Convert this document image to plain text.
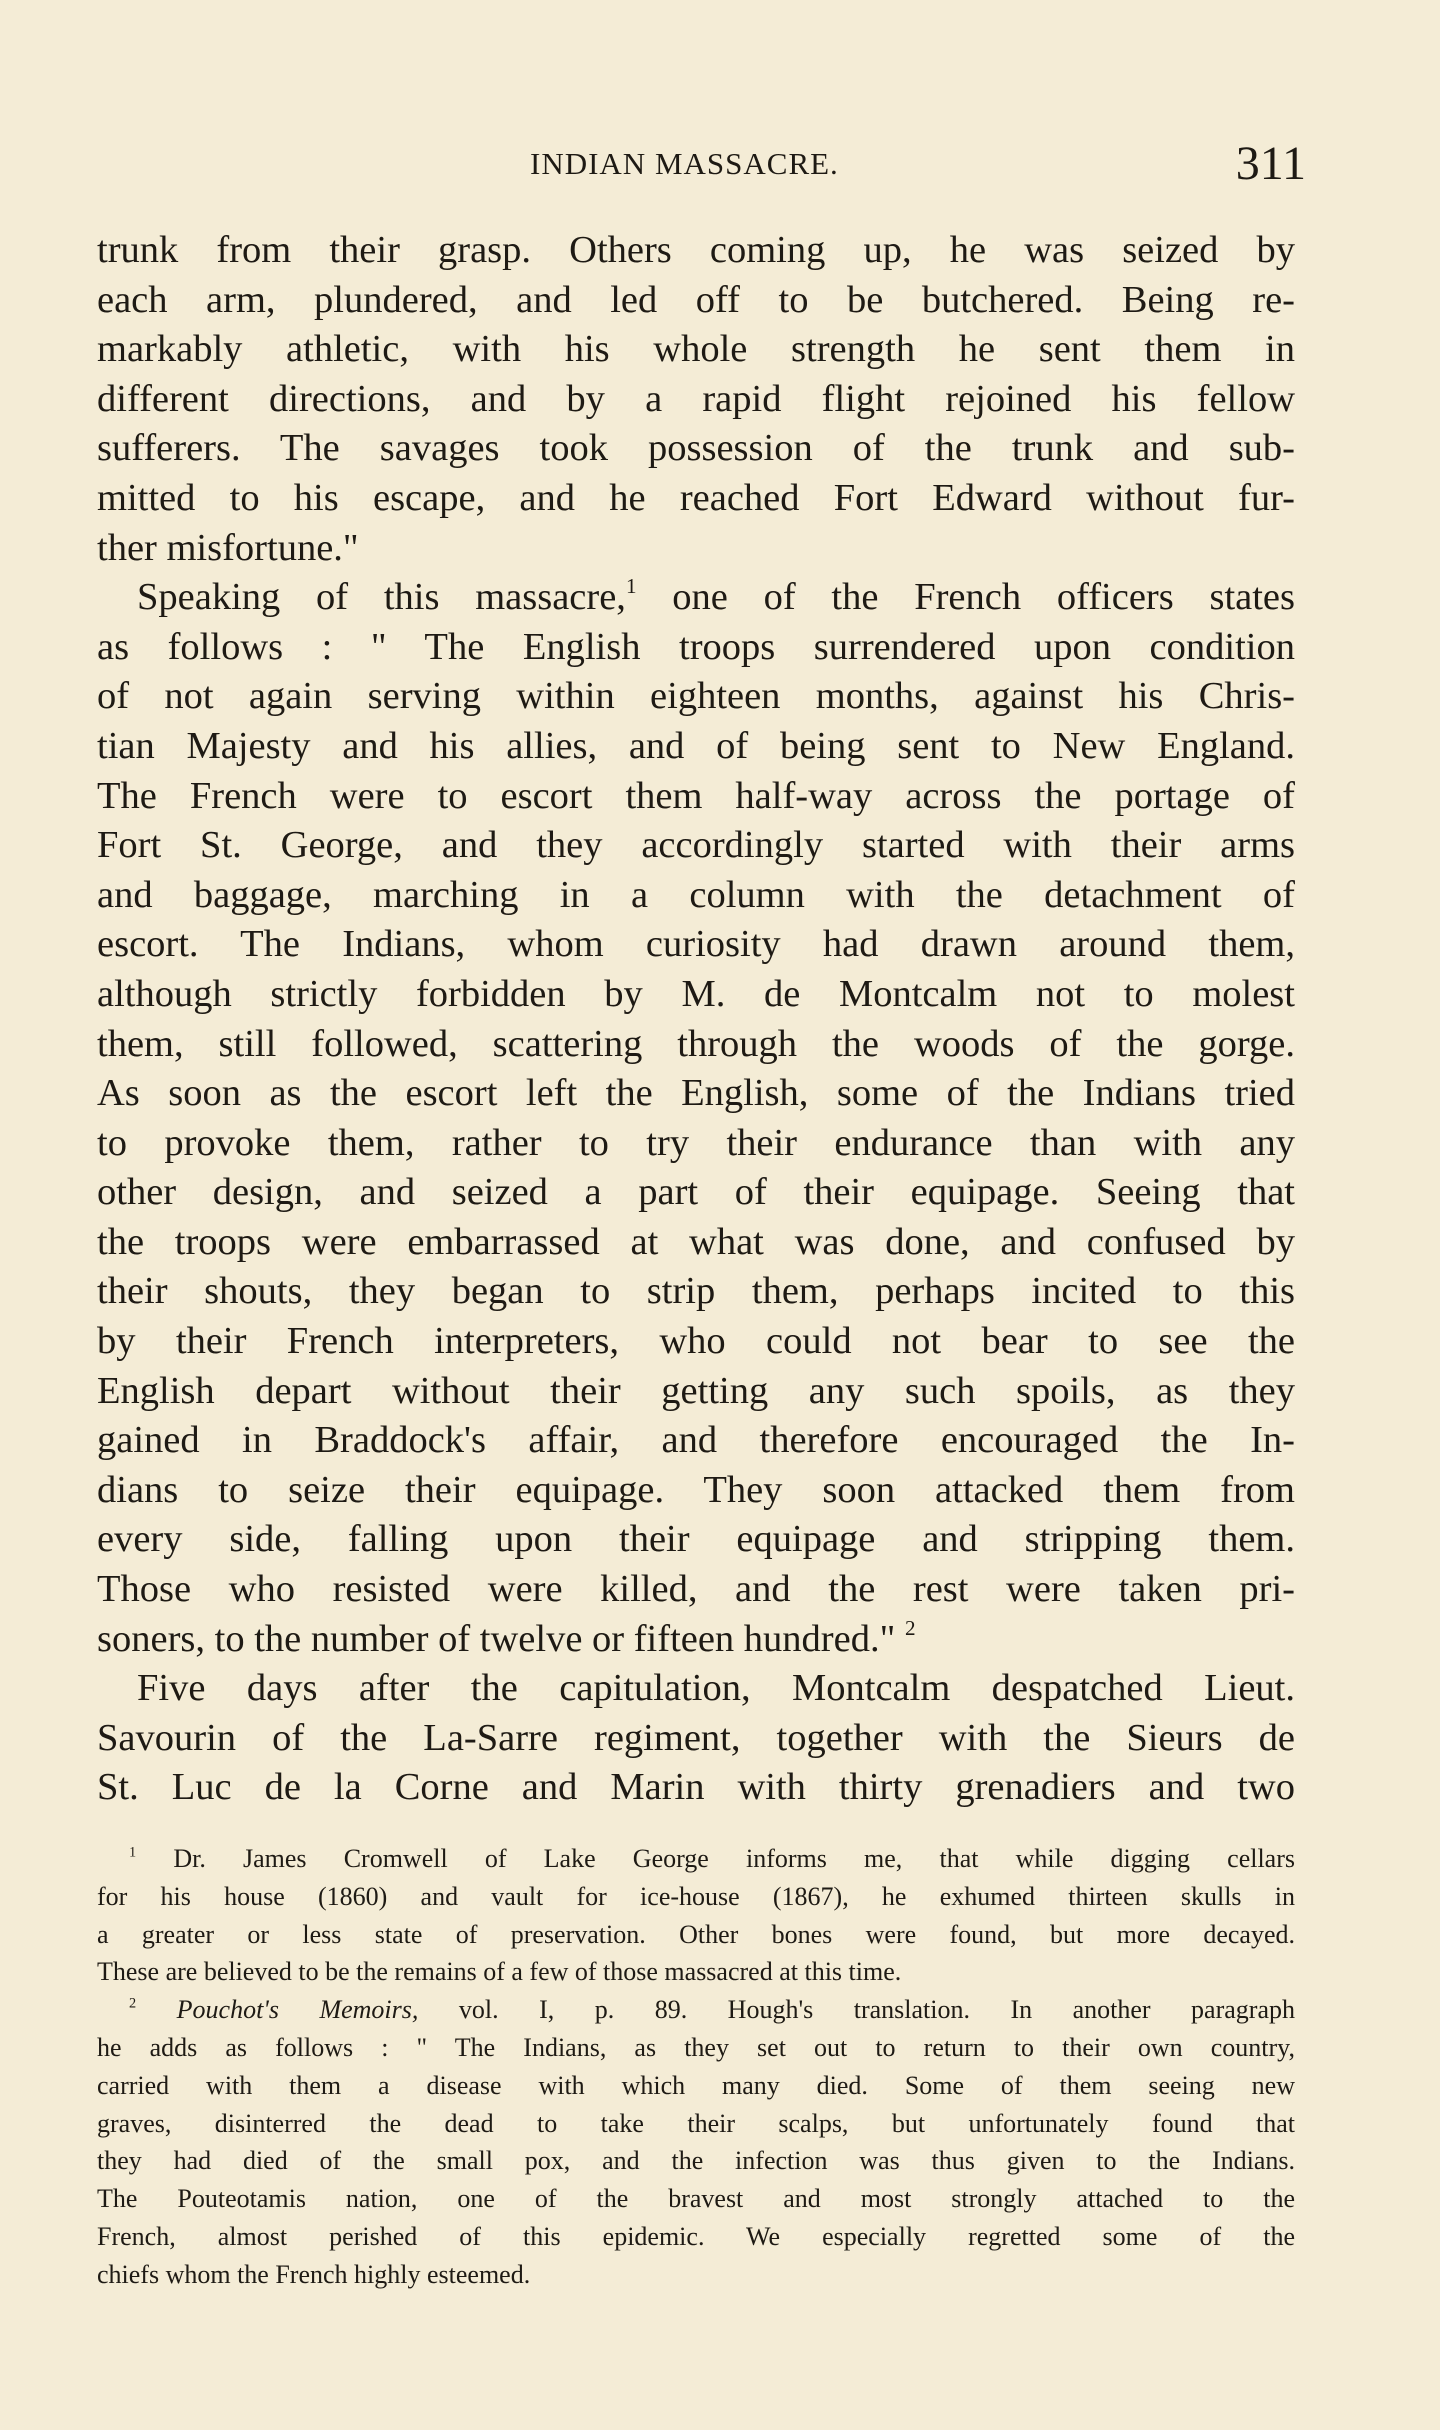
INDIAN MASSACRE.	311
trunk from their grasp. Others coming up, he was seized by
each arm, plundered, and led off to be butchered. Being re-
markably athletic, with his whole strength he sent them in
different directions, and by a rapid flight rejoined his fellow
sufferers. The savages took possession of the trunk and sub-
mitted to his escape, and he reached Fort Edward without fur-
ther misfortune."
Speaking of this massacre,$^1$ one of the French officers states
as follows : " The English troops surrendered upon condition
of not again serving within eighteen months, against his Chris-
tian Majesty and his allies, and of being sent to New England.
The French were to escort them half-way across the portage of
Fort St. George, and they accordingly started with their arms
and baggage, marching in a column with the detachment of
escort. The Indians, whom curiosity had drawn around them,
although strictly forbidden by M. de Montcalm not to molest
them, still followed, scattering through the woods of the gorge.
As soon as the escort left the English, some of the Indians tried
to provoke them, rather to try their endurance than with any
other design, and seized a part of their equipage. Seeing that
the troops were embarrassed at what was done, and confused by
their shouts, they began to strip them, perhaps incited to this
by their French interpreters, who could not bear to see the
English depart without their getting any such spoils, as they
gained in Braddock's affair, and therefore encouraged the In-
dians to seize their equipage. They soon attacked them from
every side, falling upon their equipage and stripping them.
Those who resisted were killed, and the rest were taken pri-
soners, to the number of twelve or fifteen hundred." $^2$
Five days after the capitulation, Montcalm despatched Lieut.
Savourin of the La-Sarre regiment, together with the Sieurs de
St. Luc de la Corne and Marin with thirty grenadiers and two
$^1$ Dr. James Cromwell of Lake George informs me, that while digging cellars
for his house (1860) and vault for ice-house (1867), he exhumed thirteen skulls in
a greater or less state of preservation. Other bones were found, but more decayed.
These are believed to be the remains of a few of those massacred at this time.
$^2$ Pouchot's Memoirs, vol. I, p. 89. Hough's translation. In another paragraph
he adds as follows : " The Indians, as they set out to return to their own country,
carried with them a disease with which many died. Some of them seeing new
graves, disinterred the dead to take their scalps, but unfortunately found that
they had died of the small pox, and the infection was thus given to the Indians.
The Pouteotamis nation, one of the bravest and most strongly attached to the
French, almost perished of this epidemic. We especially regretted some of the
chiefs whom the French highly esteemed.
